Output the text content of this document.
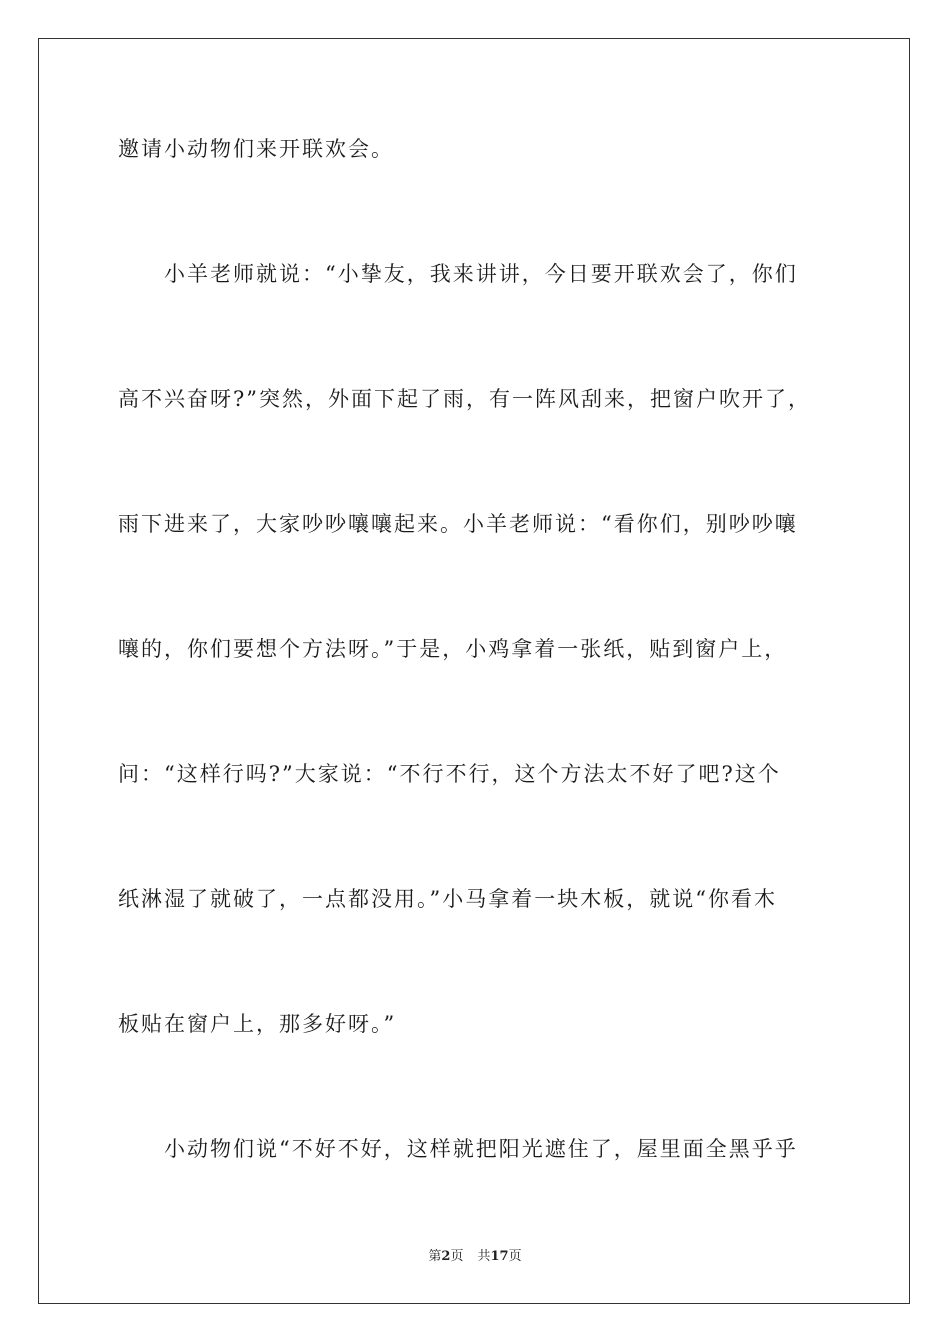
邀请小动物们来开联欢会。
小羊老师就说：“小挚友，我来讲讲，今日要开联欢会了，你们
高不兴奋呀?”突然，外面下起了雨，有一阵风刮来，把窗户吹开了，
雨下进来了，大家吵吵嚷嚷起来。小羊老师说：“看你们，别吵吵嚷
嚷的，你们要想个方法呀。”于是，小鸡拿着一张纸，贴到窗户上，
问：“这样行吗?”大家说：“不行不行，这个方法太不好了吧?这个
纸淋湿了就破了，一点都没用。”小马拿着一块木板，就说“你看木
板贴在窗户上，那多好呀。”
小动物们说“不好不好，这样就把阳光遮住了，屋里面全黑乎乎
第2页 共17页
